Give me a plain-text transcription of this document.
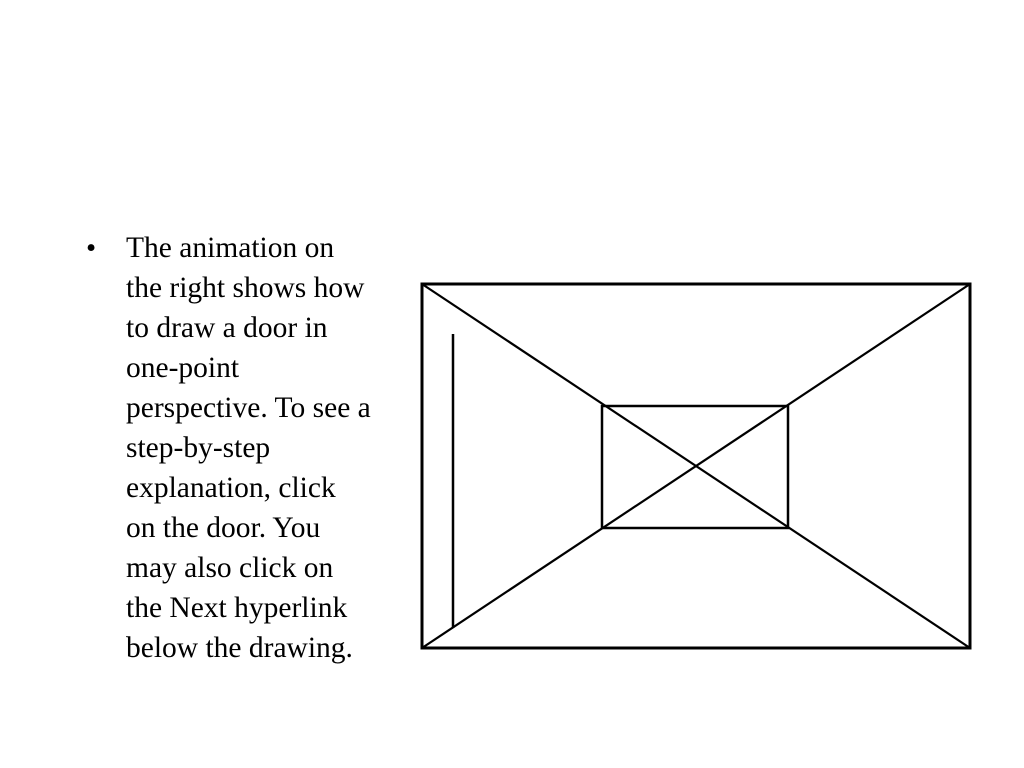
• The animation on
the right shows how
to draw a door in
one-point
perspective. To see a
step-by-step
explanation, click
on the door. You
may also click on
the Next hyperlink
below the drawing.
